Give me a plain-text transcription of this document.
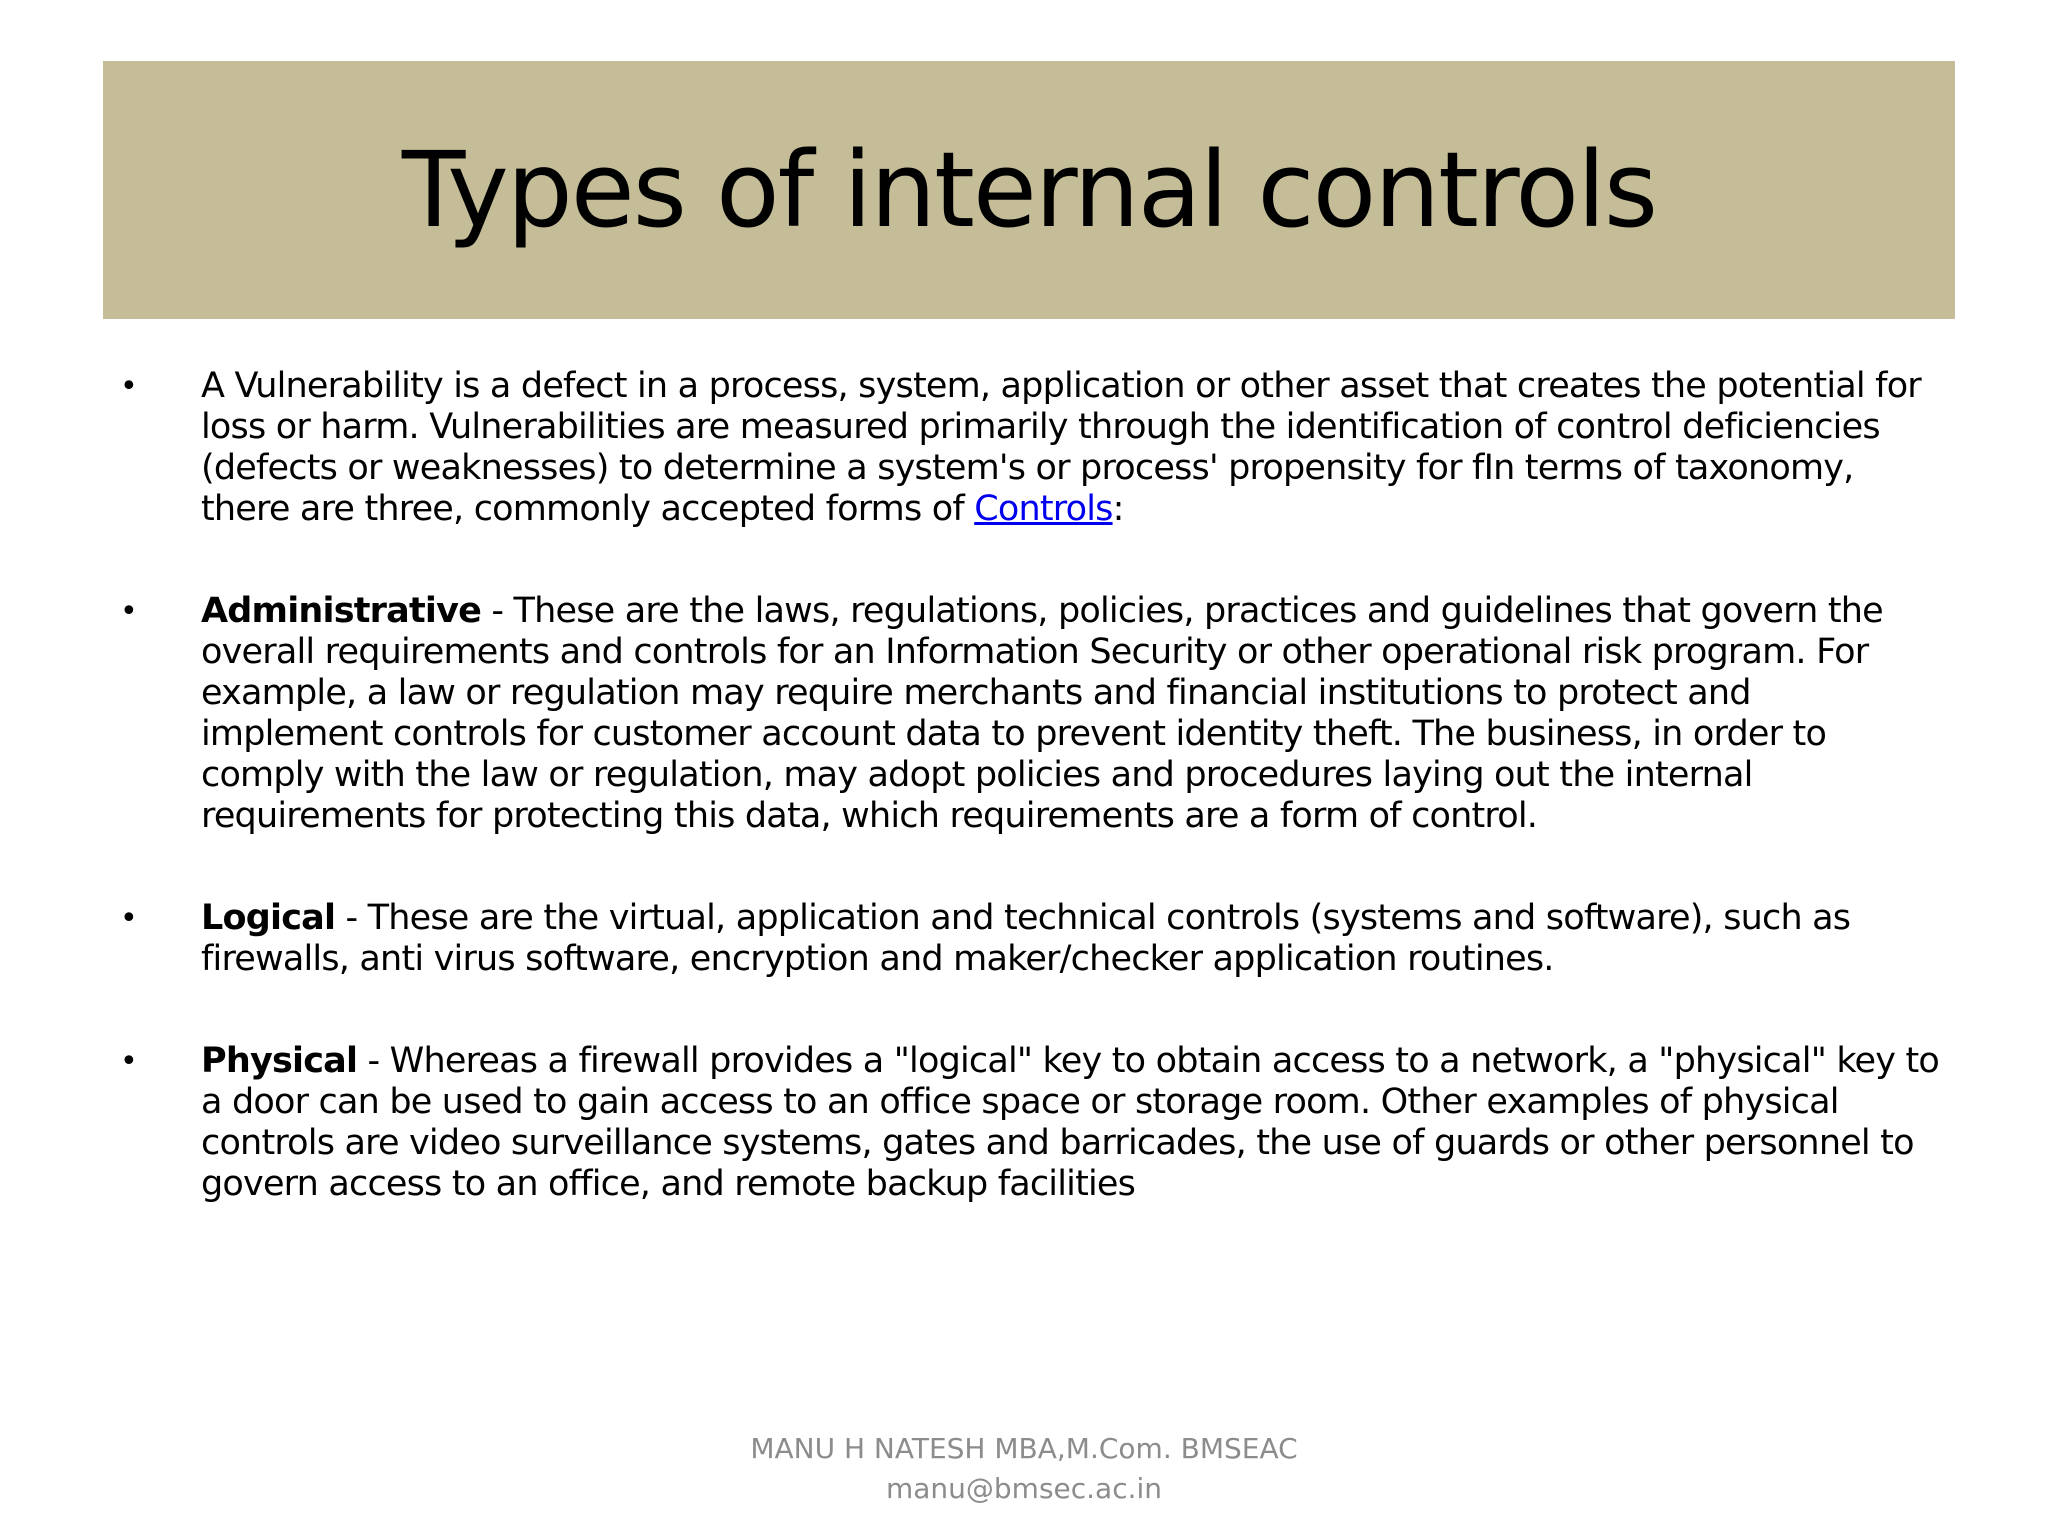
Types of internal controls
• A Vulnerability is a defect in a process, system, application or other asset that creates the potential for loss or harm. Vulnerabilities are measured primarily through the identification of control deficiencies (defects or weaknesses) to determine a system's or process' propensity for fIn terms of taxonomy, there are three, commonly accepted forms of Controls:
• Administrative - These are the laws, regulations, policies, practices and guidelines that govern the overall requirements and controls for an Information Security or other operational risk program. For example, a law or regulation may require merchants and financial institutions to protect and implement controls for customer account data to prevent identity theft. The business, in order to comply with the law or regulation, may adopt policies and procedures laying out the internal requirements for protecting this data, which requirements are a form of control.
• Logical - These are the virtual, application and technical controls (systems and software), such as firewalls, anti virus software, encryption and maker/checker application routines.
• Physical - Whereas a firewall provides a "logical" key to obtain access to a network, a "physical" key to a door can be used to gain access to an office space or storage room. Other examples of physical controls are video surveillance systems, gates and barricades, the use of guards or other personnel to govern access to an office, and remote backup facilities
MANU H NATESH MBA,M.Com. BMSEAC
manu@bmsec.ac.in
